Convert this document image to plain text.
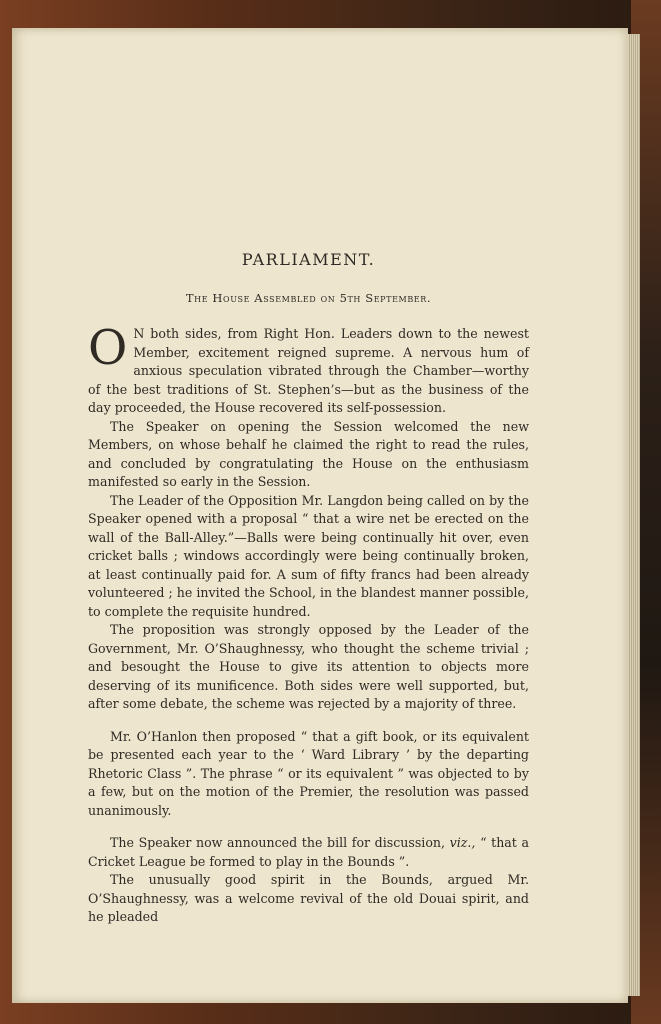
PARLIAMENT.
The House Assembled on 5th September.

O N both sides, from Right Hon. Leaders down to the newest Member, excitement reigned supreme. A nervous hum of anxious speculation vibrated through the Chamber—worthy of the best traditions of St. Stephen’s—but as the business of the day proceeded, the House recovered its self-possession.

The Speaker on opening the Session welcomed the new Members, on whose behalf he claimed the right to read the rules, and concluded by congratulating the House on the enthusiasm manifested so early in the Session.

The Leader of the Opposition Mr. Langdon being called on by the Speaker opened with a proposal “ that a wire net be erected on the wall of the Ball-Alley.”—Balls were being continually hit over, even cricket balls ; windows accordingly were being continually broken, at least continually paid for. A sum of fifty francs had been already volunteered ; he invited the School, in the blandest manner possible, to complete the requisite hundred.

The proposition was strongly opposed by the Leader of the Government, Mr. O’Shaughnessy, who thought the scheme trivial ; and besought the House to give its attention to objects more deserving of its munificence. Both sides were well supported, but, after some debate, the scheme was rejected by a majority of three.

Mr. O’Hanlon then proposed “ that a gift book, or its equivalent be presented each year to the ‘ Ward Library ’ by the departing Rhetoric Class ”. The phrase “ or its equivalent ” was objected to by a few, but on the motion of the Premier, the resolution was passed unanimously.

The Speaker now announced the bill for discussion, viz., “ that a Cricket League be formed to play in the Bounds ”.

The unusually good spirit in the Bounds, argued Mr. O’Shaughnessy, was a welcome revival of the old Douai spirit, and he pleaded
